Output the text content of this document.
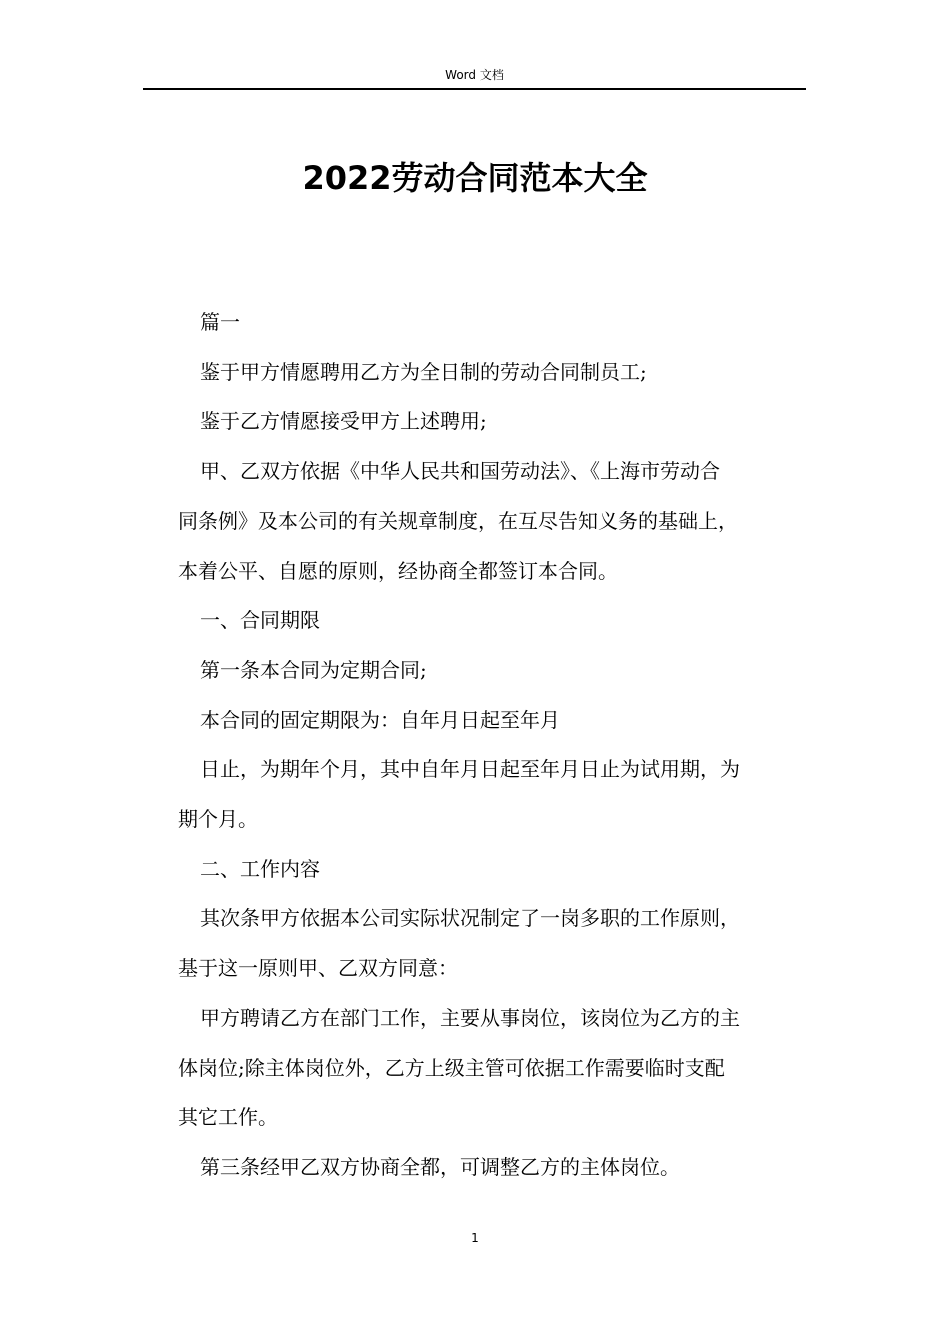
Word 文档
2022劳动合同范本大全

篇一

鉴于甲方情愿聘用乙方为全日制的劳动合同制员工;

鉴于乙方情愿接受甲方上述聘用;

甲、乙双方依据《中华人民共和国劳动法》、《上海市劳动合
同条例》及本公司的有关规章制度，在互尽告知义务的基础上，
本着公平、自愿的原则，经协商全都签订本合同。

一、合同期限

第一条本合同为定期合同;

本合同的固定期限为：自年月日起至年月

日止，为期年个月，其中自年月日起至年月日止为试用期，为
期个月。

二、工作内容

其次条甲方依据本公司实际状况制定了一岗多职的工作原则，
基于这一原则甲、乙双方同意：

甲方聘请乙方在部门工作，主要从事岗位，该岗位为乙方的主
体岗位;除主体岗位外，乙方上级主管可依据工作需要临时支配
其它工作。

第三条经甲乙双方协商全都，可调整乙方的主体岗位。

1
